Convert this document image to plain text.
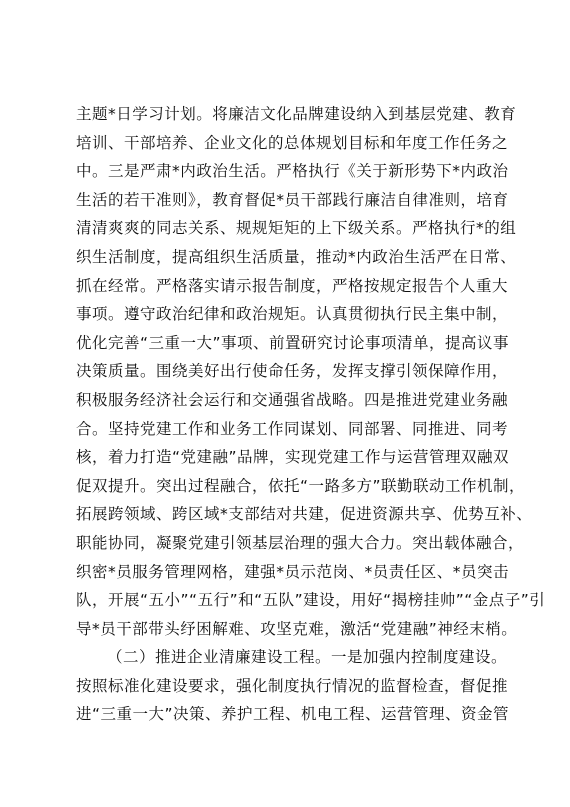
主题*日学习计划。将廉洁文化品牌建设纳入到基层党建、教育
培训、干部培养、企业文化的总体规划目标和年度工作任务之
中。三是严肃*内政治生活。严格执行《关于新形势下*内政治
生活的若干准则》，教育督促*员干部践行廉洁自律准则，培育
清清爽爽的同志关系、规规矩矩的上下级关系。严格执行*的组
织生活制度，提高组织生活质量，推动*内政治生活严在日常、
抓在经常。严格落实请示报告制度，严格按规定报告个人重大
事项。遵守政治纪律和政治规矩。认真贯彻执行民主集中制，
优化完善“三重一大”事项、前置研究讨论事项清单，提高议事
决策质量。围绕美好出行使命任务，发挥支撑引领保障作用，
积极服务经济社会运行和交通强省战略。四是推进党建业务融
合。坚持党建工作和业务工作同谋划、同部署、同推进、同考
核，着力打造“党建融”品牌，实现党建工作与运营管理双融双
促双提升。突出过程融合，依托“一路多方”联勤联动工作机制，
拓展跨领域、跨区域*支部结对共建，促进资源共享、优势互补、
职能协同，凝聚党建引领基层治理的强大合力。突出载体融合，
织密*员服务管理网格，建强*员示范岗、*员责任区、*员突击
队，开展“五小”“五行”和“五队”建设，用好“揭榜挂帅”“金点子”引
导*员干部带头纾困解难、攻坚克难，激活“党建融”神经末梢。
（二）推进企业清廉建设工程。一是加强内控制度建设。
按照标准化建设要求，强化制度执行情况的监督检查，督促推
进“三重一大”决策、养护工程、机电工程、运营管理、资金管
